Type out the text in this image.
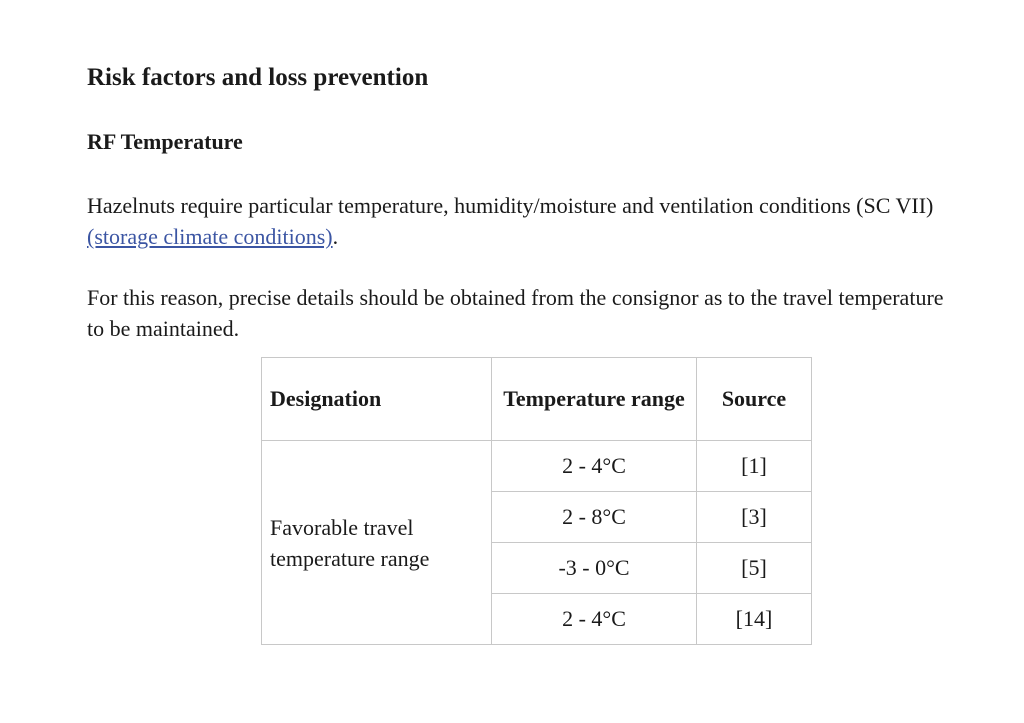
Risk factors and loss prevention
RF Temperature

Hazelnuts require particular temperature, humidity/moisture and ventilation conditions (SC VII) (storage climate conditions).

For this reason, precise details should be obtained from the consignor as to the travel temperature to be maintained.

Designation	Temperature range	Source
Favorable travel temperature range	2 - 4°C	[1]
	2 - 8°C	[3]
	-3 - 0°C	[5]
	2 - 4°C	[14]
